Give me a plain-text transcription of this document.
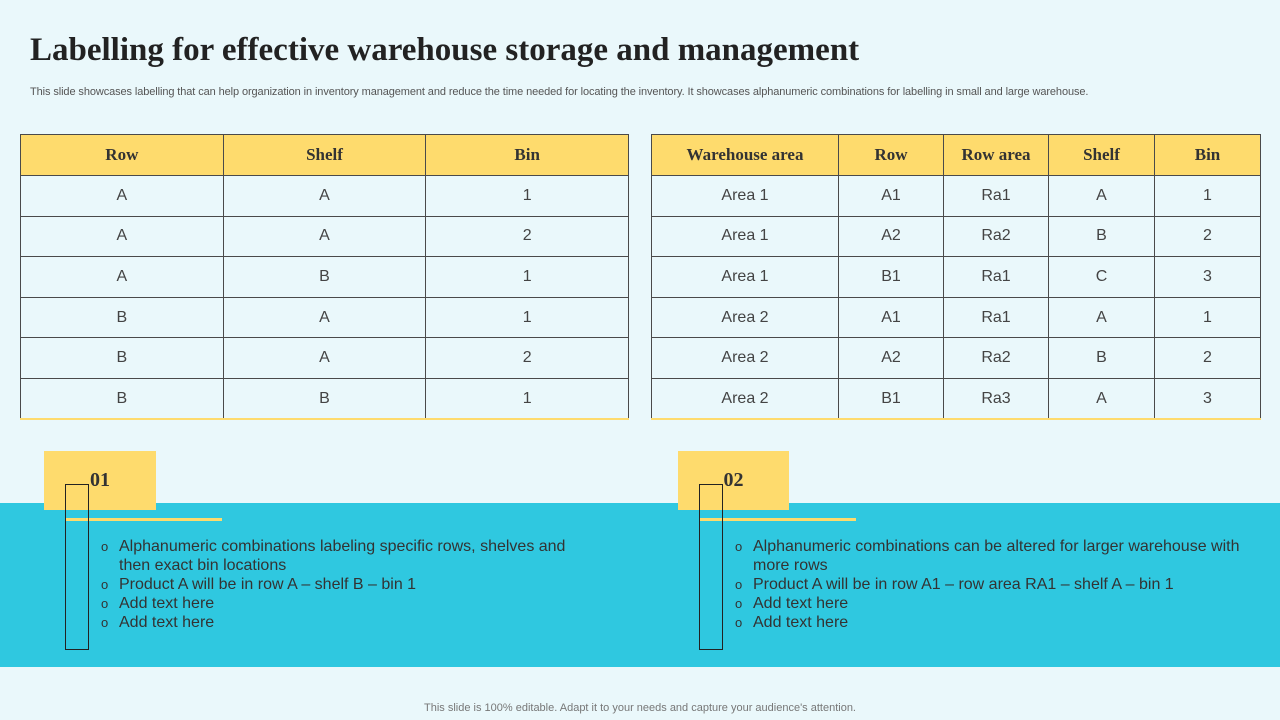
Labelling for effective warehouse storage and management
This slide showcases labelling that can help organization in inventory management and reduce the time needed for locating the inventory. It showcases alphanumeric combinations for labelling in small and large warehouse.
Row	Shelf	Bin
A	A	1
A	A	2
A	B	1
B	A	1
B	A	2
B	B	1
Warehouse area	Row	Row area	Shelf	Bin
Area 1	A1	Ra1	A	1
Area 1	A2	Ra2	B	2
Area 1	B1	Ra1	C	3
Area 2	A1	Ra1	A	1
Area 2	A2	Ra2	B	2
Area 2	B1	Ra3	A	3
01
o Alphanumeric combinations labeling specific rows, shelves and then exact bin locations
o Product A will be in row A – shelf B – bin 1
o Add text here
o Add text here
02
o Alphanumeric combinations can be altered for larger warehouse with more rows
o Product A will be in row A1 – row area RA1 – shelf A – bin 1
o Add text here
o Add text here
This slide is 100% editable. Adapt it to your needs and capture your audience's attention.
